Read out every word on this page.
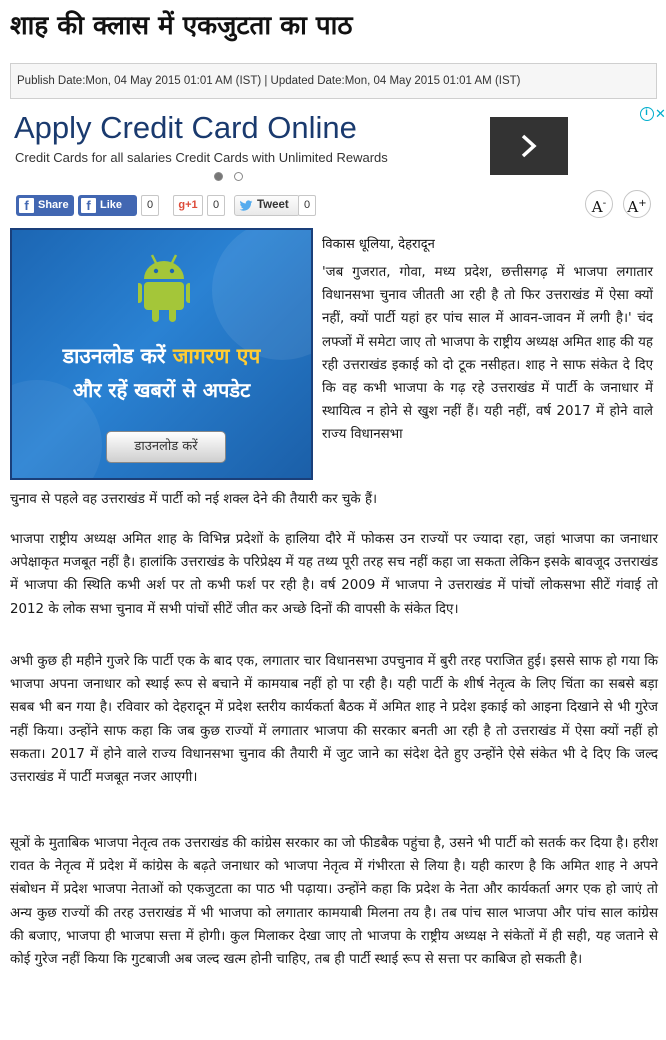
शाह की क्लास में एकजुटता का पाठ
Publish Date:Mon, 04 May 2015 01:01 AM (IST) | Updated Date:Mon, 04 May 2015 01:01 AM (IST)
Apply Credit Card Online
Credit Cards for all salaries Credit Cards with Unlimited Rewards
i
✕
f Share	f Like	0	g+1	0	Tweet	0	A-	A+
डाउनलोड करें जागरण एप
और रहें खबरों से अपडेट
डाउनलोड करें
विकास धूलिया, देहरादून

'जब गुजरात, गोवा, मध्य प्रदेश, छत्तीसगढ़ में भाजपा लगातार विधानसभा चुनाव जीतती आ रही है तो फिर उत्तराखंड में ऐसा क्यों नहीं, क्यों पार्टी यहां हर पांच साल में आवन-जावन में लगी है।' चंद लफ्जों में समेटा जाए तो भाजपा के राष्ट्रीय अध्यक्ष अमित शाह की यह रही उत्तराखंड इकाई को दो टूक नसीहत। शाह ने साफ संकेत दे दिए कि वह कभी भाजपा के गढ़ रहे उत्तराखंड में पार्टी के जनाधार में स्थायित्व न होने से खुश नहीं हैं। यही नहीं, वर्ष 2017 में होने वाले राज्य विधानसभा

चुनाव से पहले वह उत्तराखंड में पार्टी को नई शक्ल देने की तैयारी कर चुके हैं।

भाजपा राष्ट्रीय अध्यक्ष अमित शाह के विभिन्न प्रदेशों के हालिया दौरे में फोकस उन राज्यों पर ज्यादा रहा, जहां भाजपा का जनाधार अपेक्षाकृत मजबूत नहीं है। हालांकि उत्तराखंड के परिप्रेक्ष्य में यह तथ्य पूरी तरह सच नहीं कहा जा सकता लेकिन इसके बावजूद उत्तराखंड में भाजपा की स्थिति कभी अर्श पर तो कभी फर्श पर रही है। वर्ष 2009 में भाजपा ने उत्तराखंड में पांचों लोकसभा सीटें गंवाई तो 2012 के लोक सभा चुनाव में सभी पांचों सीटें जीत कर अच्छे दिनों की वापसी के संकेत दिए।

अभी कुछ ही महीने गुजरे कि पार्टी एक के बाद एक, लगातार चार विधानसभा उपचुनाव में बुरी तरह पराजित हुई। इससे साफ हो गया कि भाजपा अपना जनाधार को स्थाई रूप से बचाने में कामयाब नहीं हो पा रही है। यही पार्टी के शीर्ष नेतृत्व के लिए चिंता का सबसे बड़ा सबब भी बन गया है। रविवार को देहरादून में प्रदेश स्तरीय कार्यकर्ता बैठक में अमित शाह ने प्रदेश इकाई को आइना दिखाने से भी गुरेज नहीं किया। उन्होंने साफ कहा कि जब कुछ राज्यों में लगातार भाजपा की सरकार बनती आ रही है तो उत्तराखंड में ऐसा क्यों नहीं हो सकता। 2017 में होने वाले राज्य विधानसभा चुनाव की तैयारी में जुट जाने का संदेश देते हुए उन्होंने ऐसे संकेत भी दे दिए कि जल्द उत्तराखंड में पार्टी मजबूत नजर आएगी।

सूत्रों के मुताबिक भाजपा नेतृत्व तक उत्तराखंड की कांग्रेस सरकार का जो फीडबैक पहुंचा है, उसने भी पार्टी को सतर्क कर दिया है। हरीश रावत के नेतृत्व में प्रदेश में कांग्रेस के बढ़ते जनाधार को भाजपा नेतृत्व में गंभीरता से लिया है। यही कारण है कि अमित शाह ने अपने संबोधन में प्रदेश भाजपा नेताओं को एकजुटता का पाठ भी पढ़ाया। उन्होंने कहा कि प्रदेश के नेता और कार्यकर्ता अगर एक हो जाएं तो अन्य कुछ राज्यों की तरह उत्तराखंड में भी भाजपा को लगातार कामयाबी मिलना तय है। तब पांच साल भाजपा और पांच साल कांग्रेस की बजाए, भाजपा ही भाजपा सत्ता में होगी। कुल मिलाकर देखा जाए तो भाजपा के राष्ट्रीय अध्यक्ष ने संकेतों में ही सही, यह जताने से कोई गुरेज नहीं किया कि गुटबाजी अब जल्द खत्म होनी चाहिए, तब ही पार्टी स्थाई रूप से सत्ता पर काबिज हो सकती है।
